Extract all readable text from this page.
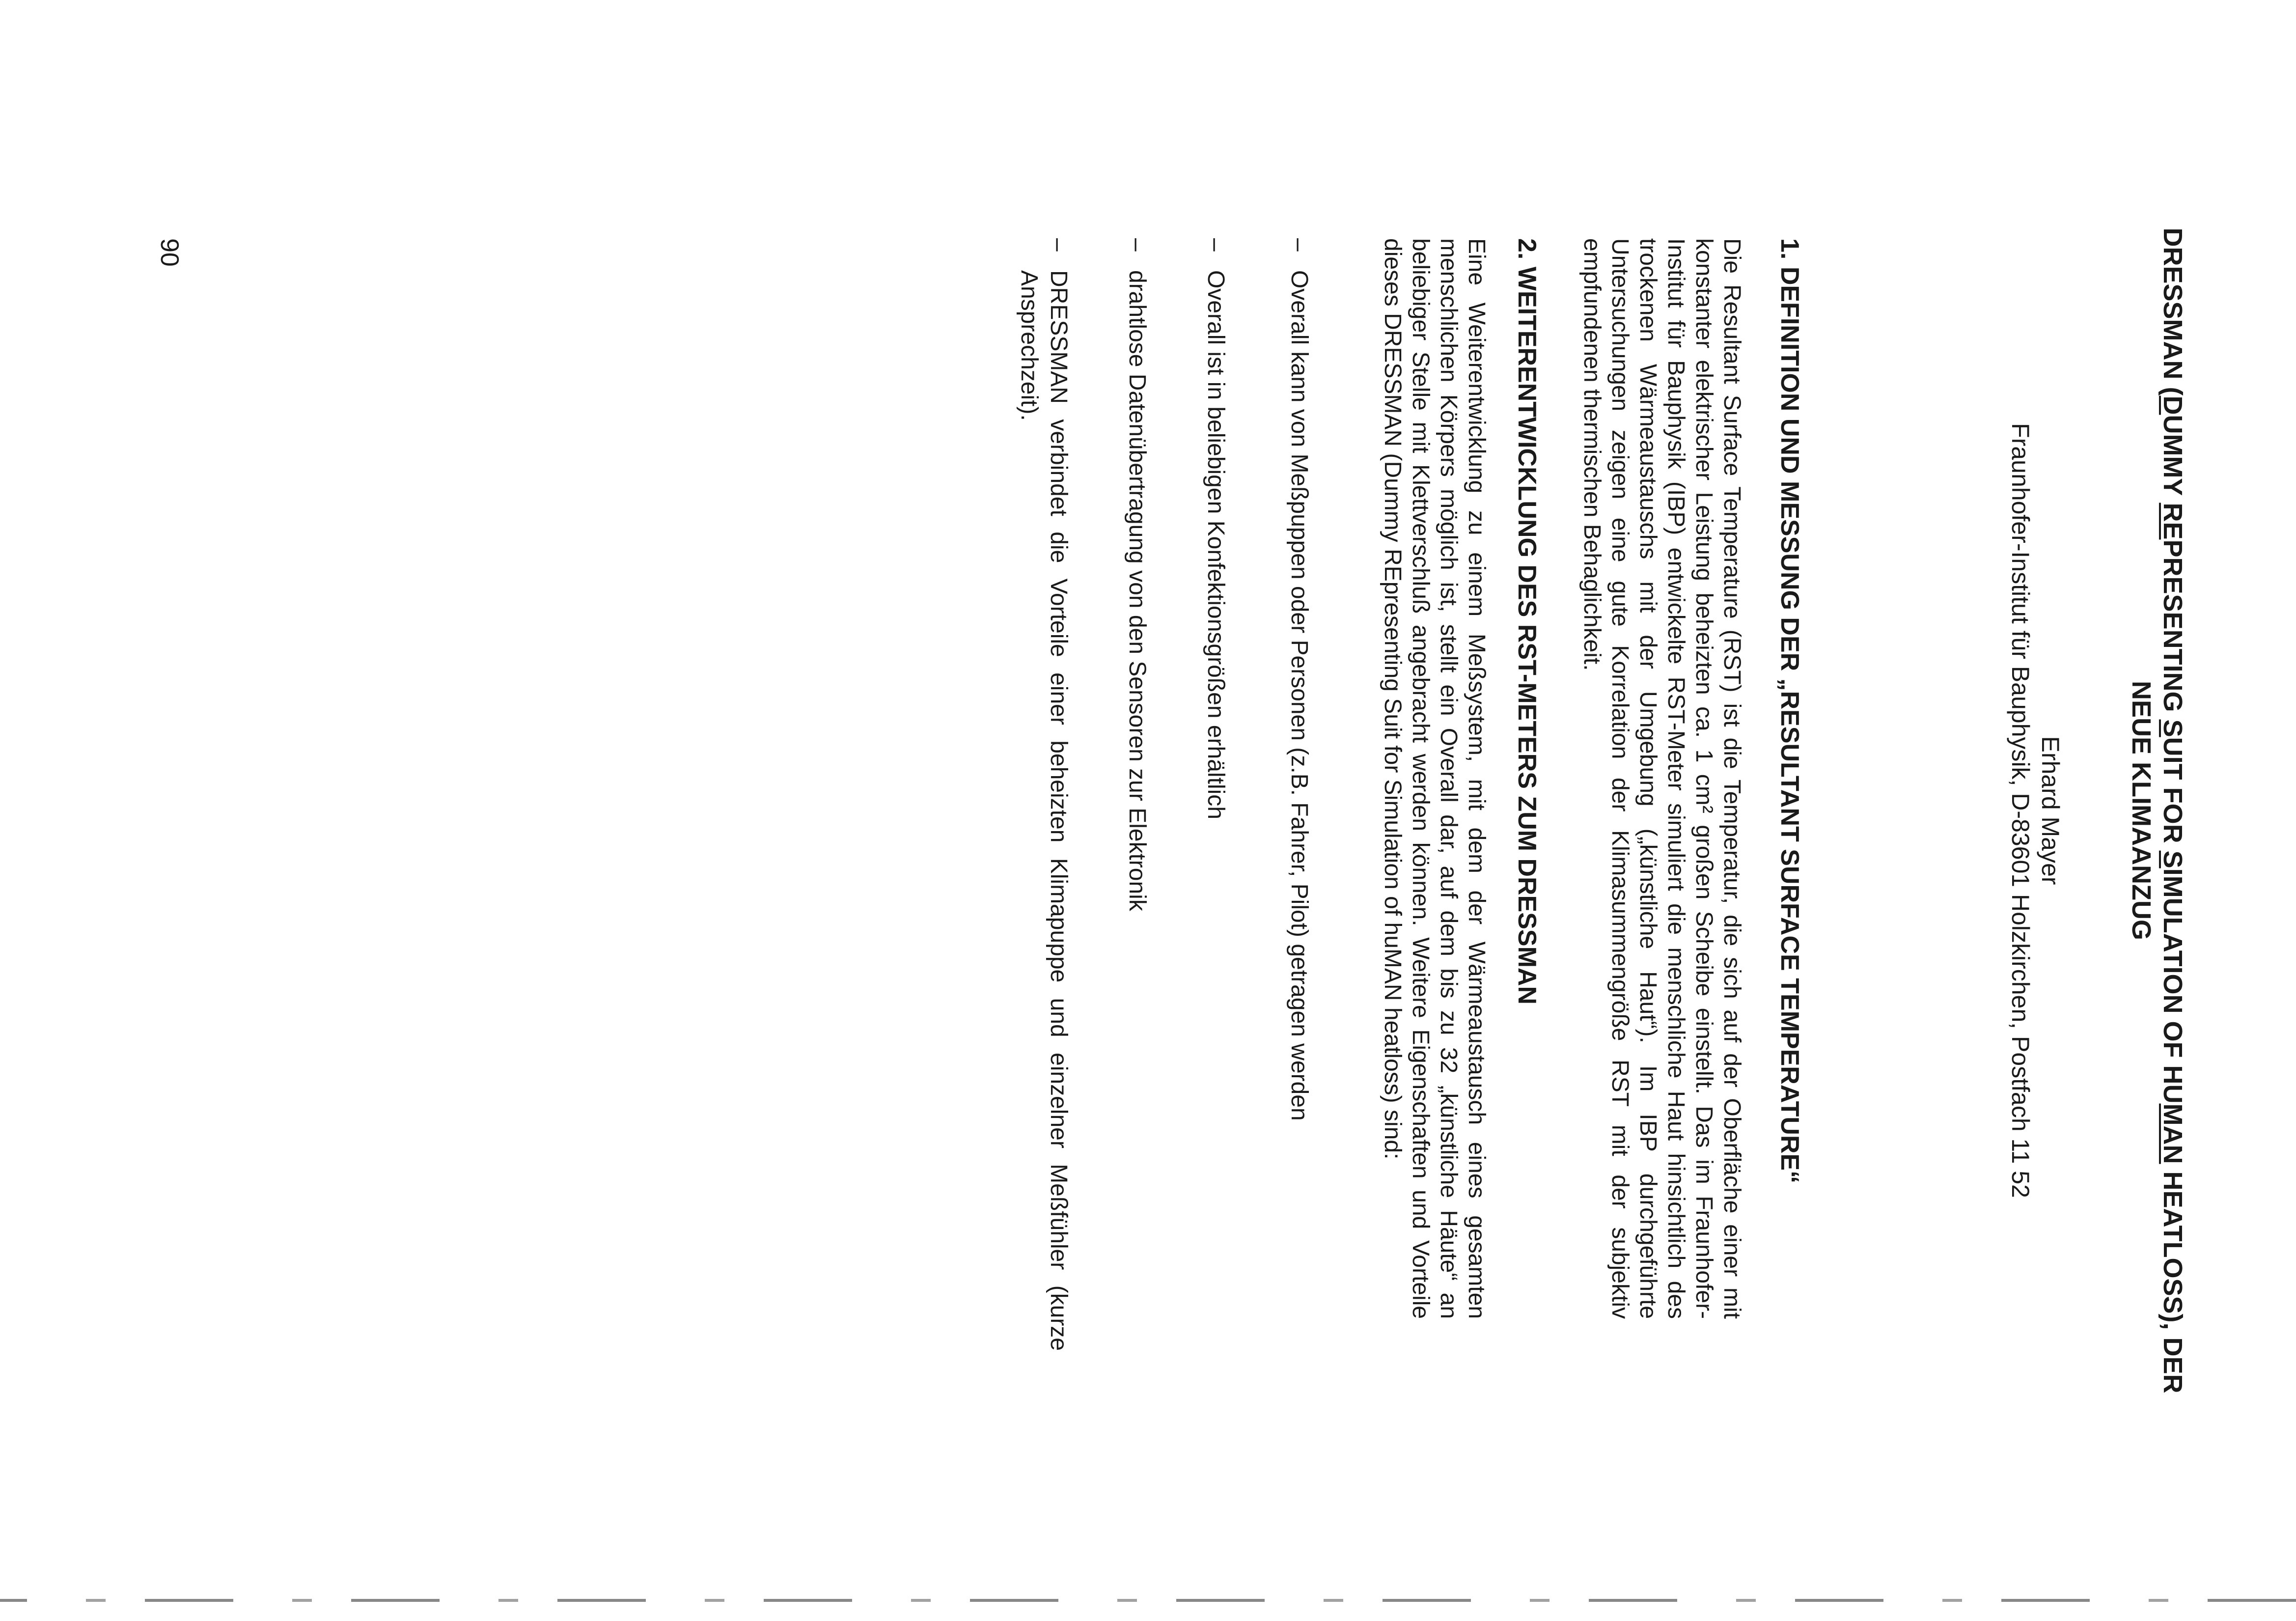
DRESSMAN (DUMMY REPRESENTING SUIT FOR SIMULATION OF HUMAN HEATLOSS), DER
NEUE KLIMAANZUG
Erhard Mayer
Fraunhofer-Institut für Bauphysik, D-83601 Holzkirchen, Postfach 11 52
1. DEFINITION UND MESSUNG DER „RESULTANT SURFACE TEMPERATURE“

Die Resultant Surface Temperature (RST) ist die Temperatur, die sich auf der Oberfläche einer mit konstanter elektrischer Leistung beheizten ca. 1 cm² großen Scheibe einstellt. Das im Fraunhofer-Institut für Bauphysik (IBP) entwickelte RST-Meter simuliert die menschliche Haut hinsichtlich des trockenen Wärmeaustauschs mit der Umgebung („künstliche Haut“). Im IBP durchgeführte Untersuchungen zeigen eine gute Korrelation der Klimasummengröße RST mit der subjektiv empfundenen thermischen Behaglichkeit.

2. WEITERENTWICKLUNG DES RST-METERS ZUM DRESSMAN

Eine Weiterentwicklung zu einem Meßsystem, mit dem der Wärmeaustausch eines gesamten menschlichen Körpers möglich ist, stellt ein Overall dar, auf dem bis zu 32 „künstliche Häute“ an beliebiger Stelle mit Klettverschluß angebracht werden können. Weitere Eigenschaften und Vorteile dieses DRESSMAN (Dummy REpresenting Suit for Simulation of huMAN heatloss) sind:

–
Overall kann von Meßpuppen oder Personen (z.B. Fahrer, Pilot) getragen werden
–
Overall ist in beliebigen Konfektionsgrößen erhältlich
–
drahtlose Datenübertragung von den Sensoren zur Elektronik
–
DRESSMAN verbindet die Vorteile einer beheizten Klimapuppe und einzelner Meßfühler (kurze Ansprechzeit).
90
